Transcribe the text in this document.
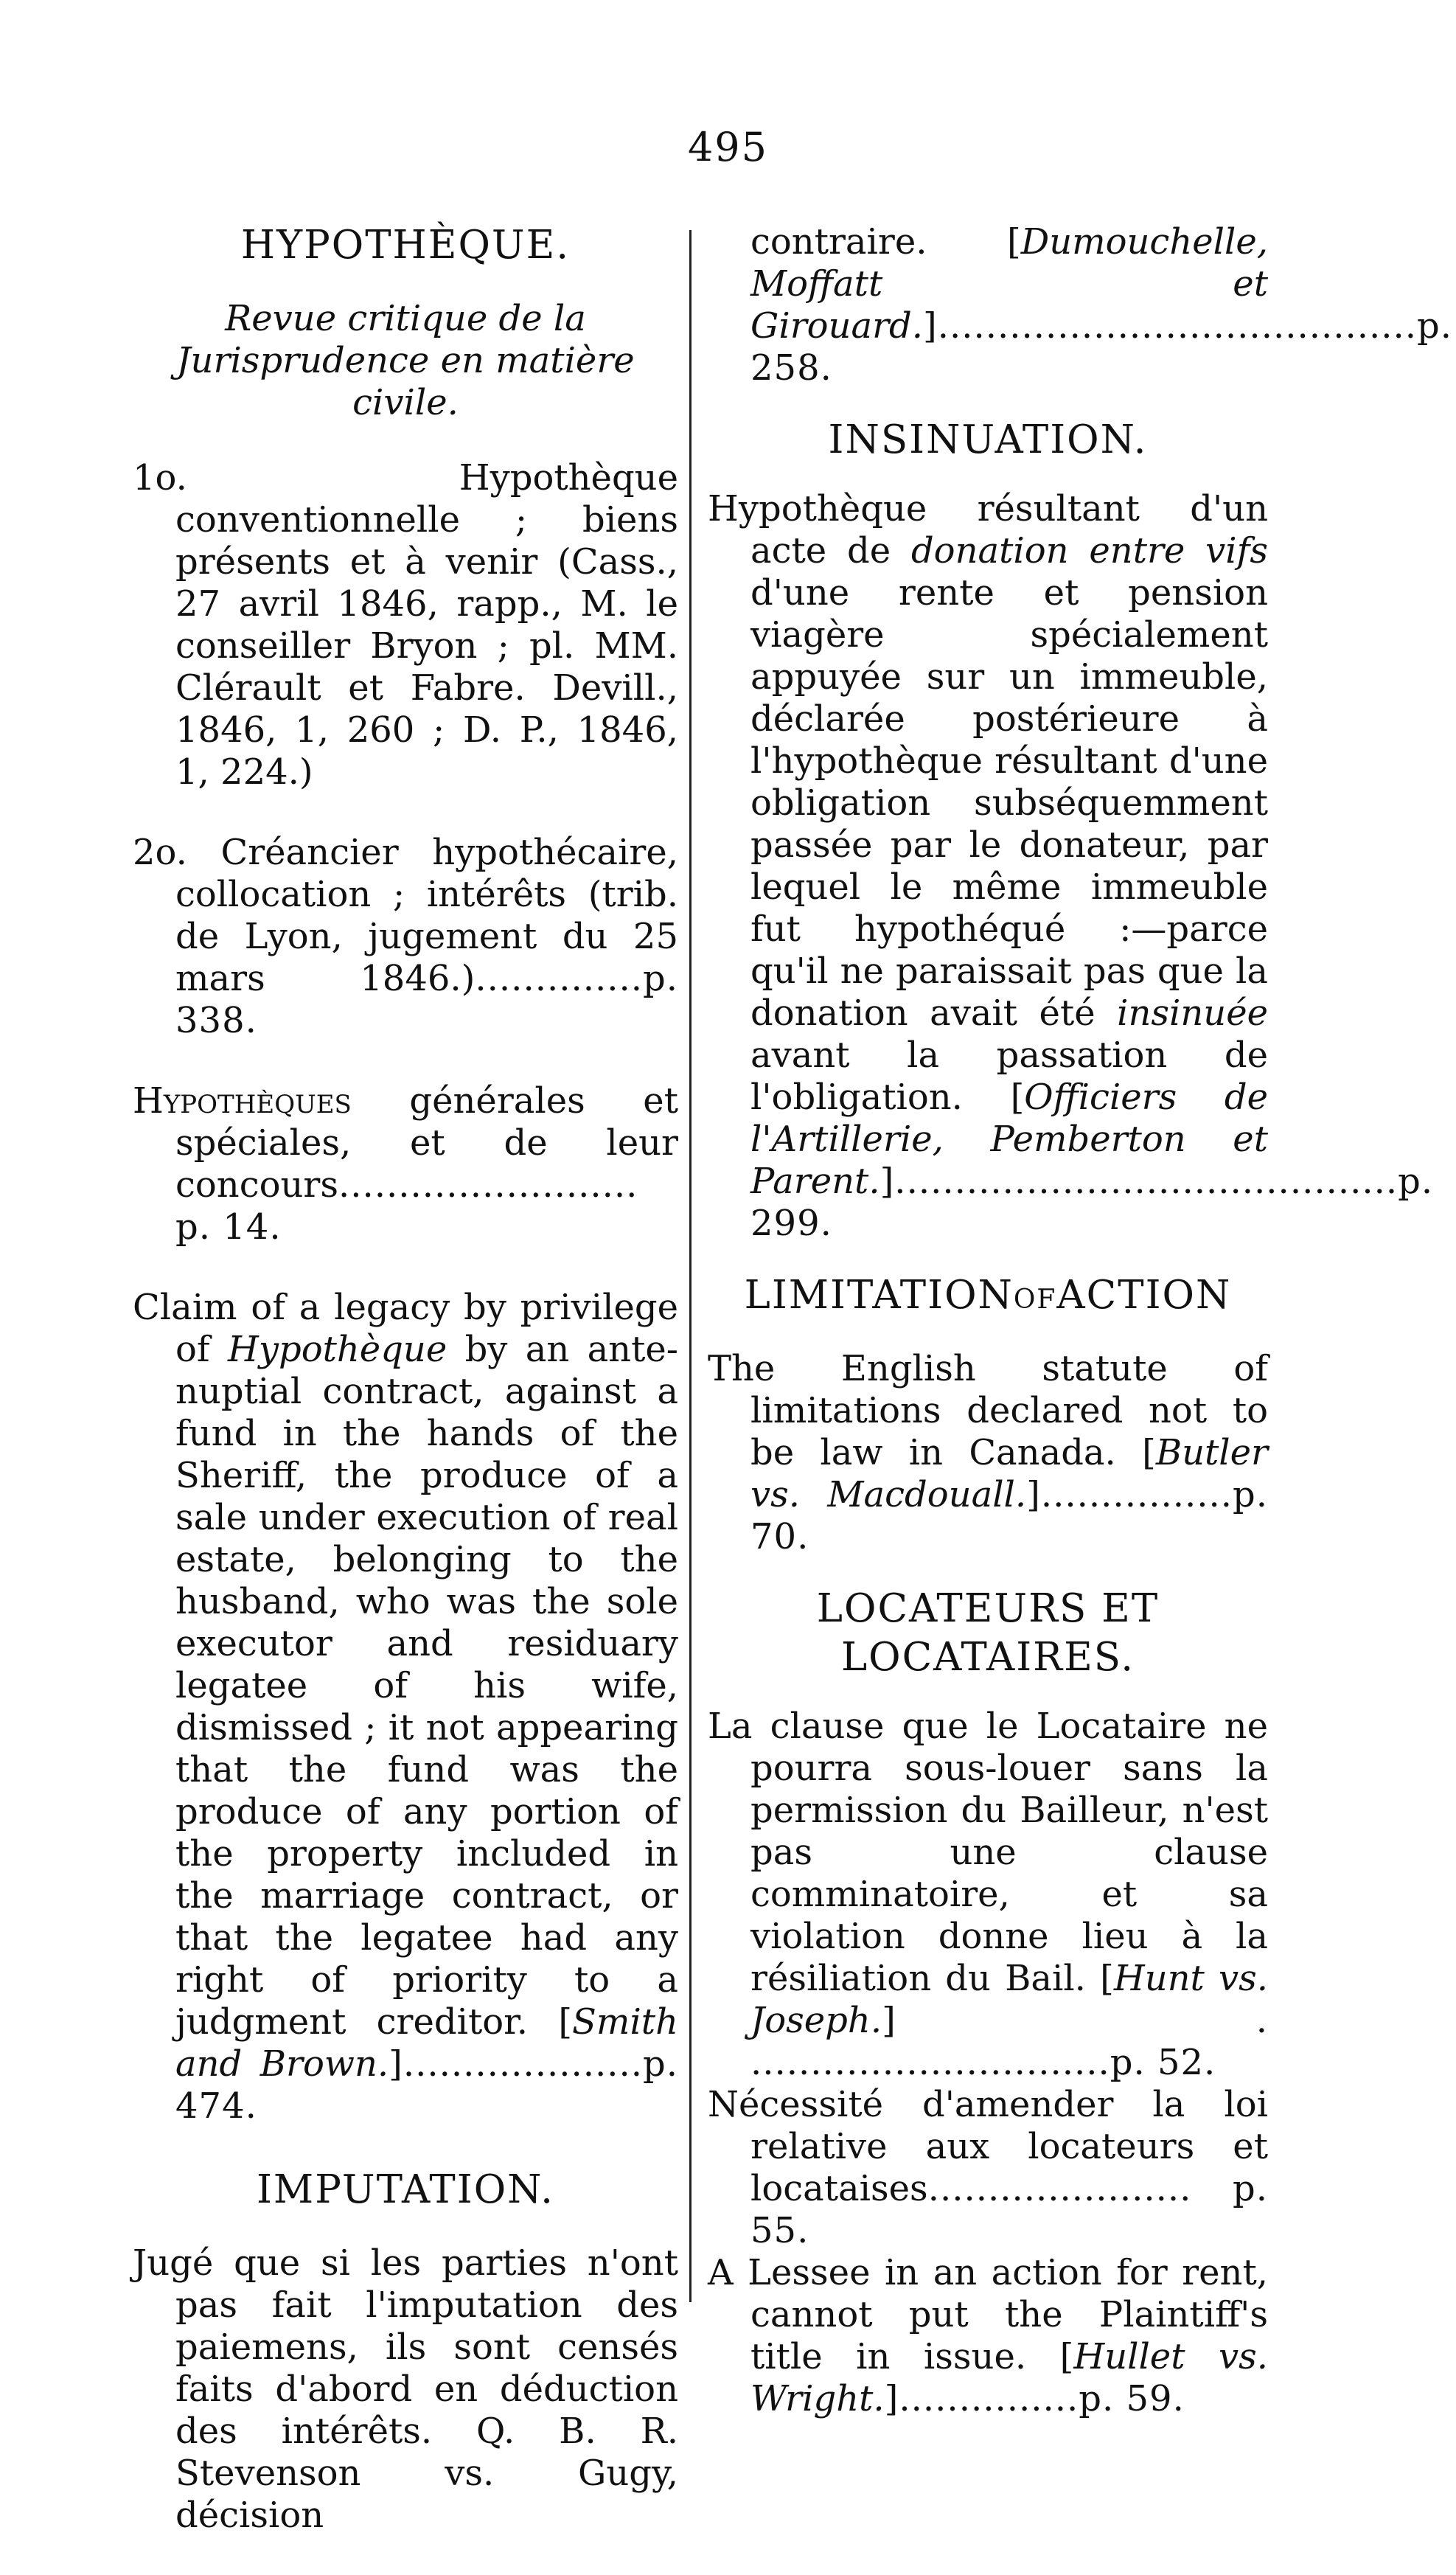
495
HYPOTHÈQUE.

Revue critique de la Jurisprudence en matière civile.

1o. Hypothèque conventionnelle ; biens présents et à venir (Cass., 27 avril 1846, rapp., M. le conseiller Bryon ; pl. MM. Clérault et Fabre. Devill., 1846, 1, 260 ; D. P., 1846, 1, 224.)

2o. Créancier hypothécaire, collocation ; intérêts (trib. de Lyon, jugement du 25 mars 1846.)..............p. 338.

Hypothèques générales et spéciales, et de leur concours......................... p. 14.

Claim of a legacy by privilege of Hypothèque by an ante-nuptial contract, against a fund in the hands of the Sheriff, the produce of a sale under execution of real estate, belonging to the husband, who was the sole executor and residuary legatee of his wife, dismissed ; it not appearing that the fund was the produce of any portion of the property included in the marriage contract, or that the legatee had any right of priority to a judgment creditor. [Smith and Brown.]....................p. 474.

IMPUTATION.

Jugé que si les parties n'ont pas fait l'imputation des paiemens, ils sont censés faits d'abord en déduction des intérêts. Q. B. R. Stevenson vs. Gugy, décision

contraire. [Dumouchelle, Moffatt et Girouard.]........................................p. 258.

INSINUATION.

Hypothèque résultant d'un acte de donation entre vifs d'une rente et pension viagère spécialement appuyée sur un immeuble, déclarée postérieure à l'hypothèque résultant d'une obligation subséquemment passée par le donateur, par lequel le même immeuble fut hypothéqué :—parce qu'il ne paraissait pas que la donation avait été insinuée avant la passation de l'obligation. [Officiers de l'Artillerie, Pemberton et Parent.]..........................................p. 299.

LIMITATIONOFACTION

The English statute of limitations declared not to be law in Canada. [Butler vs. Macdouall.]................p. 70.

LOCATEURS ET LOCATAIRES.

La clause que le Locataire ne pourra sous-louer sans la permission du Bailleur, n'est pas une clause comminatoire, et sa violation donne lieu à la résiliation du Bail. [Hunt vs. Joseph.] . ..............................p. 52.

Nécessité d'amender la loi relative aux locateurs et locataises...................... p. 55.

A Lessee in an action for rent, cannot put the Plaintiff's title in issue. [Hullet vs. Wright.]...............p. 59.
